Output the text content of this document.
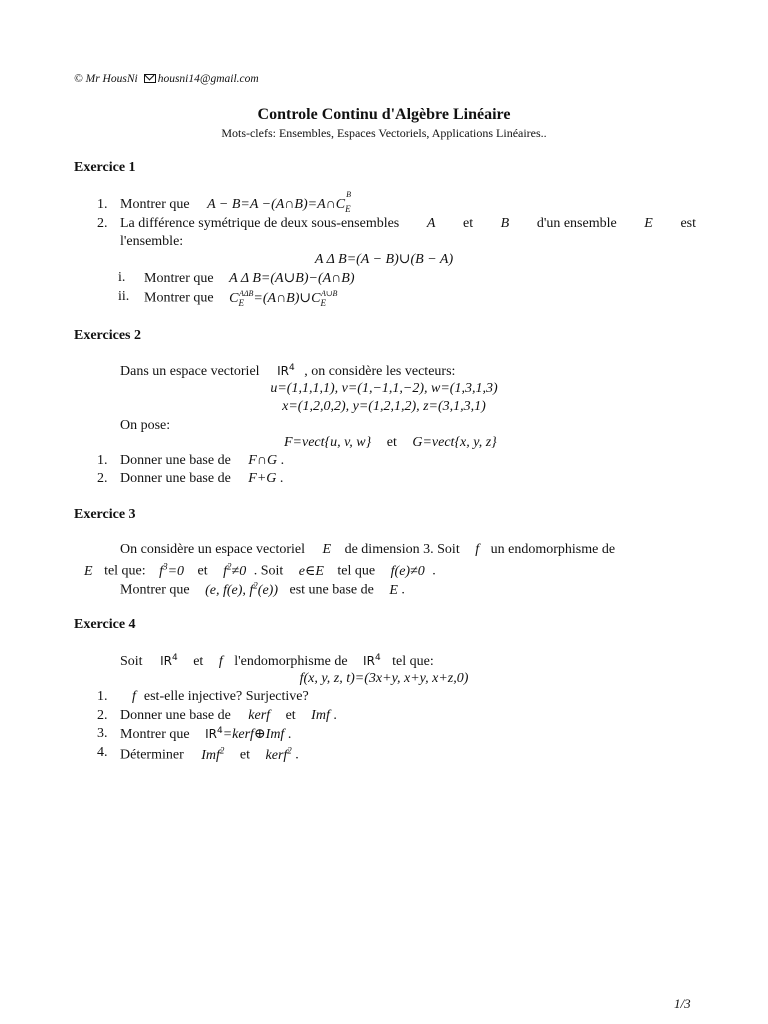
© Mr HousNi housni14@gmail.com
Controle Continu d'Algèbre Linéaire
Mots-clefs: Ensembles, Espaces Vectoriels, Applications Linéaires..
Exercice 1
1. Montrer que A − B=A −(A∩B)=A∩C
$_{B E}$
2. La différence symétrique de deux sous-ensembles A et B d'un ensemble E est
l'ensemble:
A Δ B=(A − B)∪(B − A)
i. Montrer que A Δ B=(A∪B)−(A∩B)
ii. Montrer que $C_E^{A\Delta B}=(A\cap B)\cup C_E^{A\cup B}$
Exercices 2
Dans un espace vectoriel $IR^4$ , on considère les vecteurs:
u=(1,1,1,1), v=(1,−1,1,−2), w=(1,3,1,3)
x=(1,2,0,2), y=(1,2,1,2), z=(3,1,3,1)
On pose:
F=vect{u, v, w} et G=vect{x, y, z}
1. Donner une base de F∩G .
2. Donner une base de F+G .
Exercice 3
On considère un espace vectoriel E de dimension 3. Soit f un endomorphisme de
E tel que: $f^3=0$ et $f^2\ne 0$ . Soit e∈E tel que f(e)≠0 .
Montrer que (e, f(e), $f^2(e)$) est une base de E .
Exercice 4
Soit $IR^4$ et f l'endomorphisme de $IR^4$ tel que:
f(x, y, z, t)=(3x+y, x+y, x+z,0)
1. f est-elle injective? Surjective?
2. Donner une base de kerf et Imf .
3. Montrer que $IR^4=kerf\oplus Imf$ .
4. Déterminer Imf$^2$ et kerf$^2$ .
1/3
